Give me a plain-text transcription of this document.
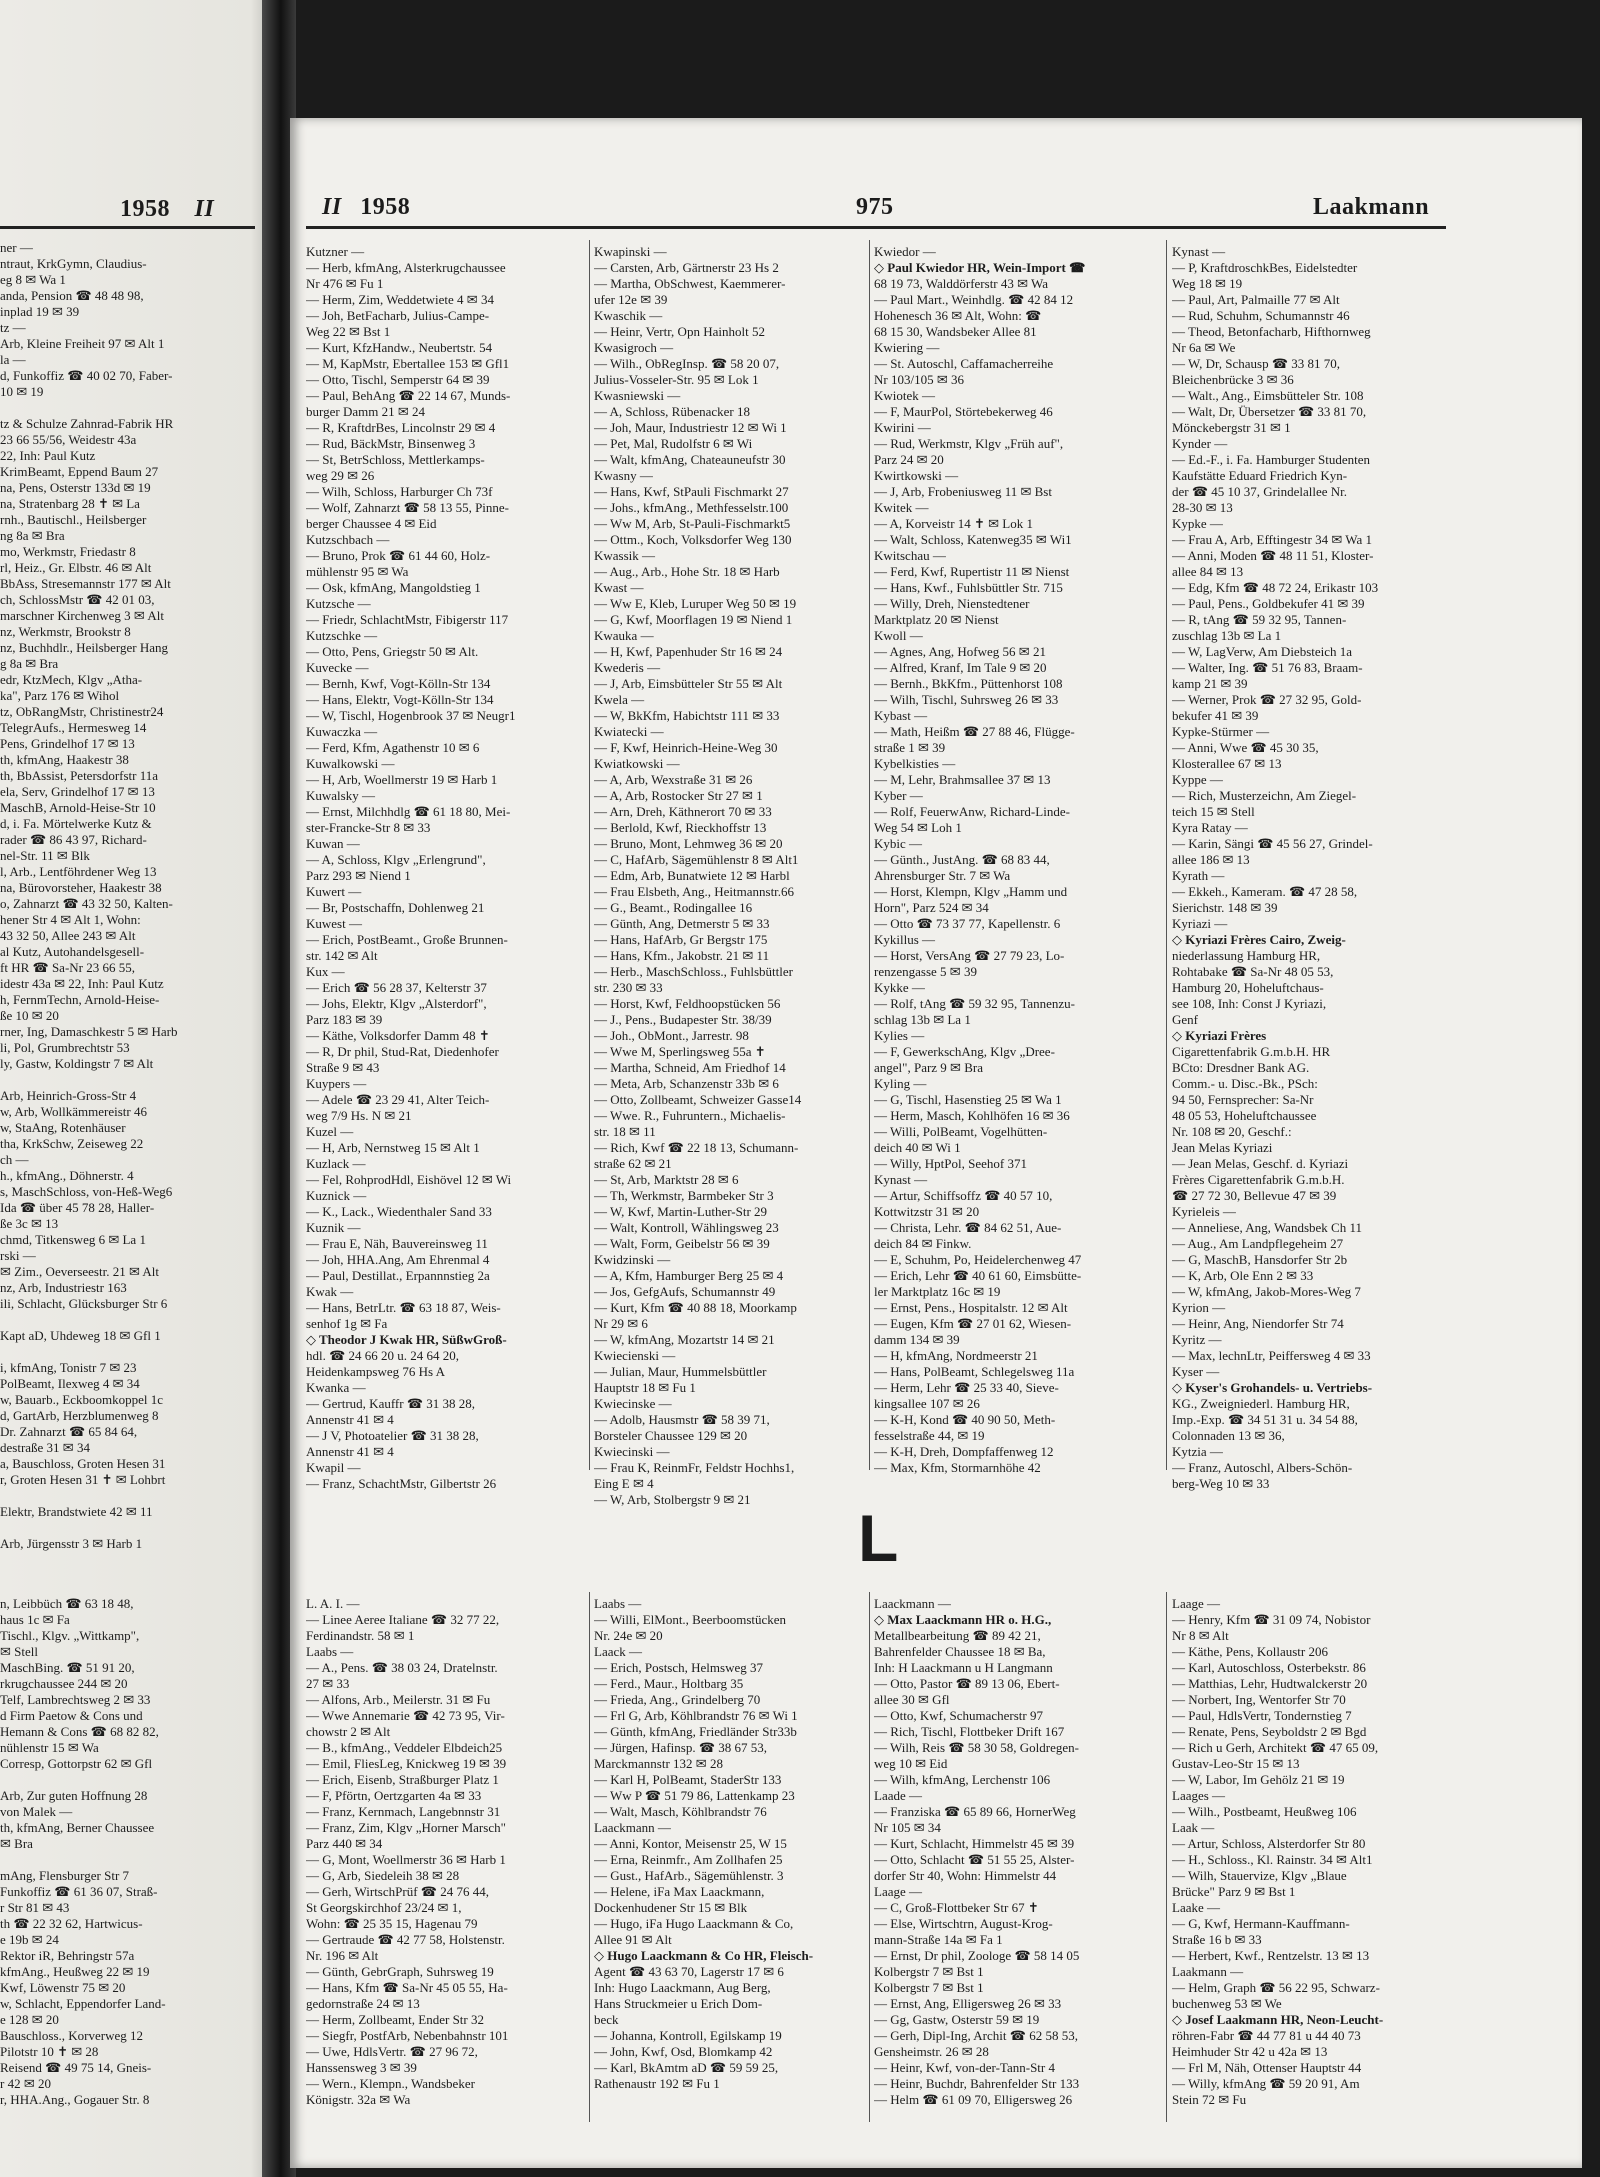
1958 II
ner —
ntraut, KrkGymn, Claudius-
eg 8 ✉ Wa 1
anda, Pension ☎ 48 48 98,
inplad 19 ✉ 39
tz —
Arb, Kleine Freiheit 97 ✉ Alt 1
la —
d, Funkoffiz ☎ 40 02 70, Faber-
10 ✉ 19
tz & Schulze Zahnrad-Fabrik HR
23 66 55/56, Weidestr 43a
22, Inh: Paul Kutz
KrimBeamt, Eppend Baum 27
na, Pens, Osterstr 133d ✉ 19
na, Stratenbarg 28 ✝ ✉ La
rnh., Bautischl., Heilsberger
ng 8a ✉ Bra
mo, Werkmstr, Friedastr 8
rl, Heiz., Gr. Elbstr. 46 ✉ Alt
BbAss, Stresemannstr 177 ✉ Alt
ch, SchlossMstr ☎ 42 01 03,
marschner Kirchenweg 3 ✉ Alt
nz, Werkmstr, Brookstr 8
nz, Buchhdlr., Heilsberger Hang
g 8a ✉ Bra
edr, KtzMech, Klgv „Atha-
ka", Parz 176 ✉ Wihol
tz, ObRangMstr, Christinestr24
TelegrAufs., Hermesweg 14
Pens, Grindelhof 17 ✉ 13
th, kfmAng, Haakestr 38
th, BbAssist, Petersdorfstr 11a
ela, Serv, Grindelhof 17 ✉ 13
MaschB, Arnold-Heise-Str 10
d, i. Fa. Mörtelwerke Kutz &
rader ☎ 86 43 97, Richard-
nel-Str. 11 ✉ Blk
l, Arb., Lentföhrdener Weg 13
na, Bürovorsteher, Haakestr 38
o, Zahnarzt ☎ 43 32 50, Kalten-
hener Str 4 ✉ Alt 1, Wohn:
43 32 50, Allee 243 ✉ Alt
al Kutz, Autohandelsgesell-
ft HR ☎ Sa-Nr 23 66 55,
idestr 43a ✉ 22, Inh: Paul Kutz
h, FernmTechn, Arnold-Heise-
ße 10 ✉ 20
rner, Ing, Damaschkestr 5 ✉ Harb
li, Pol, Grumbrechtstr 53
ly, Gastw, Koldingstr 7 ✉ Alt
Arb, Heinrich-Gross-Str 4
w, Arb, Wollkämmereistr 46
w, StaAng, Rotenhäuser
tha, KrkSchw, Zeiseweg 22
ch —
h., kfmAng., Döhnerstr. 4
s, MaschSchloss, von-Heß-Weg6
Ida ☎ über 45 78 28, Haller-
ße 3c ✉ 13
chmd, Titkensweg 6 ✉ La 1
rski —
✉ Zim., Oeverseestr. 21 ✉ Alt
nz, Arb, Industriestr 163
ili, Schlacht, Glücksburger Str 6
Kapt aD, Uhdeweg 18 ✉ Gfl 1
i, kfmAng, Tonistr 7 ✉ 23
PolBeamt, Ilexweg 4 ✉ 34
w, Bauarb., Eckboomkoppel 1c
d, GartArb, Herzblumenweg 8
Dr. Zahnarzt ☎ 65 84 64,
destraße 31 ✉ 34
a, Bauschloss, Groten Hesen 31
r, Groten Hesen 31 ✝ ✉ Lohbrt
Elektr, Brandstwiete 42 ✉ 11
Arb, Jürgensstr 3 ✉ Harb 1
n, Leibbüch ☎ 63 18 48,
haus 1c ✉ Fa
Tischl., Klgv. „Wittkamp",
✉ Stell
MaschBing. ☎ 51 91 20,
rkrugchaussee 244 ✉ 20
Telf, Lambrechtsweg 2 ✉ 33
d Firm Paetow & Cons und
Hemann & Cons ☎ 68 82 82,
nühlenstr 15 ✉ Wa
Corresp, Gottorpstr 62 ✉ Gfl
Arb, Zur guten Hoffnung 28
von Malek —
th, kfmAng, Berner Chaussee
✉ Bra
mAng, Flensburger Str 7
Funkoffiz ☎ 61 36 07, Straß-
r Str 81 ✉ 43
th ☎ 22 32 62, Hartwicus-
e 19b ✉ 24
Rektor iR, Behringstr 57a
kfmAng., Heußweg 22 ✉ 19
Kwf, Löwenstr 75 ✉ 20
w, Schlacht, Eppendorfer Land-
e 128 ✉ 20
Bauschloss., Korverweg 12
Pilotstr 10 ✝ ✉ 28
Reisend ☎ 49 75 14, Gneis-
r 42 ✉ 20
r, HHA.Ang., Gogauer Str. 8
II 1958	975	Laakmann
Kutzner —
— Herb, kfmAng, Alsterkrugchaussee
Nr 476 ✉ Fu 1
— Herm, Zim, Weddetwiete 4 ✉ 34
— Joh, BetFacharb, Julius-Campe-
Weg 22 ✉ Bst 1
— Kurt, KfzHandw., Neubertstr. 54
— M, KapMstr, Ebertallee 153 ✉ Gfl1
— Otto, Tischl, Semperstr 64 ✉ 39
— Paul, BehAng ☎ 22 14 67, Munds-
burger Damm 21 ✉ 24
— R, KraftdrBes, Lincolnstr 29 ✉ 4
— Rud, BäckMstr, Binsenweg 3
— St, BetrSchloss, Mettlerkamps-
weg 29 ✉ 26
— Wilh, Schloss, Harburger Ch 73f
— Wolf, Zahnarzt ☎ 58 13 55, Pinne-
berger Chaussee 4 ✉ Eid
Kutzschbach —
— Bruno, Prok ☎ 61 44 60, Holz-
mühlenstr 95 ✉ Wa
— Osk, kfmAng, Mangoldstieg 1
Kutzsche —
— Friedr, SchlachtMstr, Fibigerstr 117
Kutzschke —
— Otto, Pens, Griegstr 50 ✉ Alt.
Kuvecke —
— Bernh, Kwf, Vogt-Kölln-Str 134
— Hans, Elektr, Vogt-Kölln-Str 134
— W, Tischl, Hogenbrook 37 ✉ Neugr1
Kuwaczka —
— Ferd, Kfm, Agathenstr 10 ✉ 6
Kuwalkowski —
— H, Arb, Woellmerstr 19 ✉ Harb 1
Kuwalsky —
— Ernst, Milchhdlg ☎ 61 18 80, Mei-
ster-Francke-Str 8 ✉ 33
Kuwan —
— A, Schloss, Klgv „Erlengrund",
Parz 293 ✉ Niend 1
Kuwert —
— Br, Postschaffn, Dohlenweg 21
Kuwest —
— Erich, PostBeamt., Große Brunnen-
str. 142 ✉ Alt
Kux —
— Erich ☎ 56 28 37, Kelterstr 37
— Johs, Elektr, Klgv „Alsterdorf",
Parz 183 ✉ 39
— Käthe, Volksdorfer Damm 48 ✝
— R, Dr phil, Stud-Rat, Diedenhofer
Straße 9 ✉ 43
Kuypers —
— Adele ☎ 23 29 41, Alter Teich-
weg 7/9 Hs. N ✉ 21
Kuzel —
— H, Arb, Nernstweg 15 ✉ Alt 1
Kuzlack —
— Fel, RohprodHdl, Eishövel 12 ✉ Wi
Kuznick —
— K., Lack., Wiedenthaler Sand 33
Kuznik —
— Frau E, Näh, Bauvereinsweg 11
— Joh, HHA.Ang, Am Ehrenmal 4
— Paul, Destillat., Erpannnstieg 2a
Kwak —
— Hans, BetrLtr. ☎ 63 18 87, Weis-
senhof 1g ✉ Fa
◇ Theodor J Kwak HR, SüßwGroß-
hdl. ☎ 24 66 20 u. 24 64 20,
Heidenkampsweg 76 Hs A
Kwanka —
— Gertrud, Kauffr ☎ 31 38 28,
Annenstr 41 ✉ 4
— J V, Photoatelier ☎ 31 38 28,
Annenstr 41 ✉ 4
Kwapil —
— Franz, SchachtMstr, Gilbertstr 26
Kwapinski —
— Carsten, Arb, Gärtnerstr 23 Hs 2
— Martha, ObSchwest, Kaemmerer-
ufer 12e ✉ 39
Kwaschik —
— Heinr, Vertr, Opn Hainholt 52
Kwasigroch —
— Wilh., ObRegInsp. ☎ 58 20 07,
Julius-Vosseler-Str. 95 ✉ Lok 1
Kwasniewski —
— A, Schloss, Rübenacker 18
— Joh, Maur, Industriestr 12 ✉ Wi 1
— Pet, Mal, Rudolfstr 6 ✉ Wi
— Walt, kfmAng, Chateauneufstr 30
Kwasny —
— Hans, Kwf, StPauli Fischmarkt 27
— Johs., kfmAng., Methfesselstr.100
— Ww M, Arb, St-Pauli-Fischmarkt5
— Ottm., Koch, Volksdorfer Weg 130
Kwassik —
— Aug., Arb., Hohe Str. 18 ✉ Harb
Kwast —
— Ww E, Kleb, Luruper Weg 50 ✉ 19
— G, Kwf, Moorflagen 19 ✉ Niend 1
Kwauka —
— H, Kwf, Papenhuder Str 16 ✉ 24
Kwederis —
— J, Arb, Eimsbütteler Str 55 ✉ Alt
Kwela —
— W, BkKfm, Habichtstr 111 ✉ 33
Kwiatecki —
— F, Kwf, Heinrich-Heine-Weg 30
Kwiatkowski —
— A, Arb, Wexstraße 31 ✉ 26
— A, Arb, Rostocker Str 27 ✉ 1
— Arn, Dreh, Käthnerort 70 ✉ 33
— Berlold, Kwf, Rieckhoffstr 13
— Bruno, Mont, Lehmweg 36 ✉ 20
— C, HafArb, Sägemühlenstr 8 ✉ Alt1
— Edm, Arb, Bunatwiete 12 ✉ Harbl
— Frau Elsbeth, Ang., Heitmannstr.66
— G., Beamt., Rodingallee 16
— Günth, Ang, Detmerstr 5 ✉ 33
— Hans, HafArb, Gr Bergstr 175
— Hans, Kfm., Jakobstr. 21 ✉ 11
— Herb., MaschSchloss., Fuhlsbüttler
str. 230 ✉ 33
— Horst, Kwf, Feldhoopstücken 56
— J., Pens., Budapester Str. 38/39
— Joh., ObMont., Jarrestr. 98
— Wwe M, Sperlingsweg 55a ✝
— Martha, Schneid, Am Friedhof 14
— Meta, Arb, Schanzenstr 33b ✉ 6
— Otto, Zollbeamt, Schweizer Gasse14
— Wwe. R., Fuhruntern., Michaelis-
str. 18 ✉ 11
— Rich, Kwf ☎ 22 18 13, Schumann-
straße 62 ✉ 21
— St, Arb, Marktstr 28 ✉ 6
— Th, Werkmstr, Barmbeker Str 3
— W, Kwf, Martin-Luther-Str 29
— Walt, Kontroll, Wählingsweg 23
— Walt, Form, Geibelstr 56 ✉ 39
Kwidzinski —
— A, Kfm, Hamburger Berg 25 ✉ 4
— Jos, GefgAufs, Schumannstr 49
— Kurt, Kfm ☎ 40 88 18, Moorkamp
Nr 29 ✉ 6
— W, kfmAng, Mozartstr 14 ✉ 21
Kwiecienski —
— Julian, Maur, Hummelsbüttler
Hauptstr 18 ✉ Fu 1
Kwiecinske —
— Adolb, Hausmstr ☎ 58 39 71,
Borsteler Chaussee 129 ✉ 20
Kwiecinski —
— Frau K, ReinmFr, Feldstr Hochhs1,
Eing E ✉ 4
— W, Arb, Stolbergstr 9 ✉ 21
Kwiedor —
◇ Paul Kwiedor HR, Wein-Import ☎
68 19 73, Walddörferstr 43 ✉ Wa
— Paul Mart., Weinhdlg. ☎ 42 84 12
Hohenesch 36 ✉ Alt, Wohn: ☎
68 15 30, Wandsbeker Allee 81
Kwiering —
— St. Autoschl, Caffamacherreihe
Nr 103/105 ✉ 36
Kwiotek —
— F, MaurPol, Störtebekerweg 46
Kwirini —
— Rud, Werkmstr, Klgv „Früh auf",
Parz 24 ✉ 20
Kwirtkowski —
— J, Arb, Frobeniusweg 11 ✉ Bst
Kwitek —
— A, Korveistr 14 ✝ ✉ Lok 1
— Walt, Schloss, Katenweg35 ✉ Wi1
Kwitschau —
— Ferd, Kwf, Rupertistr 11 ✉ Nienst
— Hans, Kwf., Fuhlsbüttler Str. 715
— Willy, Dreh, Nienstedtener
Marktplatz 20 ✉ Nienst
Kwoll —
— Agnes, Ang, Hofweg 56 ✉ 21
— Alfred, Kranf, Im Tale 9 ✉ 20
— Bernh., BkKfm., Püttenhorst 108
— Wilh, Tischl, Suhrsweg 26 ✉ 33
Kybast —
— Math, Heißm ☎ 27 88 46, Flügge-
straße 1 ✉ 39
Kybelkisties —
— M, Lehr, Brahmsallee 37 ✉ 13
Kyber —
— Rolf, FeuerwAnw, Richard-Linde-
Weg 54 ✉ Loh 1
Kybic —
— Günth., JustAng. ☎ 68 83 44,
Ahrensburger Str. 7 ✉ Wa
— Horst, Klempn, Klgv „Hamm und
Horn", Parz 524 ✉ 34
— Otto ☎ 73 37 77, Kapellenstr. 6
Kykillus —
— Horst, VersAng ☎ 27 79 23, Lo-
renzengasse 5 ✉ 39
Kykke —
— Rolf, tAng ☎ 59 32 95, Tannenzu-
schlag 13b ✉ La 1
Kylies —
— F, GewerkschAng, Klgv „Dree-
angel", Parz 9 ✉ Bra
Kyling —
— G, Tischl, Hasenstieg 25 ✉ Wa 1
— Herm, Masch, Kohlhöfen 16 ✉ 36
— Willi, PolBeamt, Vogelhütten-
deich 40 ✉ Wi 1
— Willy, HptPol, Seehof 371
Kynast —
— Artur, Schiffsoffz ☎ 40 57 10,
Kottwitzstr 31 ✉ 20
— Christa, Lehr. ☎ 84 62 51, Aue-
deich 84 ✉ Finkw.
— E, Schuhm, Po, Heidelerchenweg 47
— Erich, Lehr ☎ 40 61 60, Eimsbütte-
ler Marktplatz 16c ✉ 19
— Ernst, Pens., Hospitalstr. 12 ✉ Alt
— Eugen, Kfm ☎ 27 01 62, Wiesen-
damm 134 ✉ 39
— H, kfmAng, Nordmeerstr 21
— Hans, PolBeamt, Schlegelsweg 11a
— Herm, Lehr ☎ 25 33 40, Sieve-
kingsallee 107 ✉ 26
— K-H, Kond ☎ 40 90 50, Meth-
fesselstraße 44, ✉ 19
— K-H, Dreh, Dompfaffenweg 12
— Max, Kfm, Stormarnhöhe 42
Kynast —
— P, KraftdroschkBes, Eidelstedter
Weg 18 ✉ 19
— Paul, Art, Palmaille 77 ✉ Alt
— Rud, Schuhm, Schumannstr 46
— Theod, Betonfacharb, Hifthornweg
Nr 6a ✉ We
— W, Dr, Schausp ☎ 33 81 70,
Bleichenbrücke 3 ✉ 36
— Walt., Ang., Eimsbütteler Str. 108
— Walt, Dr, Übersetzer ☎ 33 81 70,
Mönckebergstr 31 ✉ 1
Kynder —
— Ed.-F., i. Fa. Hamburger Studenten
Kaufstätte Eduard Friedrich Kyn-
der ☎ 45 10 37, Grindelallee Nr.
28-30 ✉ 13
Kypke —
— Frau A, Arb, Efftingestr 34 ✉ Wa 1
— Anni, Moden ☎ 48 11 51, Kloster-
allee 84 ✉ 13
— Edg, Kfm ☎ 48 72 24, Erikastr 103
— Paul, Pens., Goldbekufer 41 ✉ 39
— R, tAng ☎ 59 32 95, Tannen-
zuschlag 13b ✉ La 1
— W, LagVerw, Am Diebsteich 1a
— Walter, Ing. ☎ 51 76 83, Braam-
kamp 21 ✉ 39
— Werner, Prok ☎ 27 32 95, Gold-
bekufer 41 ✉ 39
Kypke-Stürmer —
— Anni, Wwe ☎ 45 30 35,
Klosterallee 67 ✉ 13
Kyppe —
— Rich, Musterzeichn, Am Ziegel-
teich 15 ✉ Stell
Kyra Ratay —
— Karin, Sängi ☎ 45 56 27, Grindel-
allee 186 ✉ 13
Kyrath —
— Ekkeh., Kameram. ☎ 47 28 58,
Sierichstr. 148 ✉ 39
Kyriazi —
◇ Kyriazi Frères Cairo, Zweig-
niederlassung Hamburg HR,
Rohtabake ☎ Sa-Nr 48 05 53,
Hamburg 20, Hoheluftchaus-
see 108, Inh: Const J Kyriazi,
Genf
◇ Kyriazi Frères
Cigarettenfabrik G.m.b.H. HR
BCto: Dresdner Bank AG.
Comm.- u. Disc.-Bk., PSch:
94 50, Fernsprecher: Sa-Nr
48 05 53, Hoheluftchaussee
Nr. 108 ✉ 20, Geschf.:
Jean Melas Kyriazi
— Jean Melas, Geschf. d. Kyriazi
Frères Cigarettenfabrik G.m.b.H.
☎ 27 72 30, Bellevue 47 ✉ 39
Kyrieleis —
— Anneliese, Ang, Wandsbek Ch 11
— Aug., Am Landpflegeheim 27
— G, MaschB, Hansdorfer Str 2b
— K, Arb, Ole Enn 2 ✉ 33
— W, kfmAng, Jakob-Mores-Weg 7
Kyrion —
— Heinr, Ang, Niendorfer Str 74
Kyritz —
— Max, lechnLtr, Peiffersweg 4 ✉ 33
Kyser —
◇ Kyser's Grohandels- u. Vertriebs-
KG., Zweigniederl. Hamburg HR,
Imp.-Exp. ☎ 34 51 31 u. 34 54 88,
Colonnaden 13 ✉ 36,
Kytzia —
— Franz, Autoschl, Albers-Schön-
berg-Weg 10 ✉ 33
L
L. A. I. —
— Linee Aeree Italiane ☎ 32 77 22,
Ferdinandstr. 58 ✉ 1
Laabs —
— A., Pens. ☎ 38 03 24, Dratelnstr.
27 ✉ 33
— Alfons, Arb., Meilerstr. 31 ✉ Fu
— Wwe Annemarie ☎ 42 73 95, Vir-
chowstr 2 ✉ Alt
— B., kfmAng., Veddeler Elbdeich25
— Emil, FliesLeg, Knickweg 19 ✉ 39
— Erich, Eisenb, Straßburger Platz 1
— F, Pförtn, Oertzgarten 4a ✉ 33
— Franz, Kernmach, Langebnnstr 31
— Franz, Zim, Klgv „Horner Marsch"
Parz 440 ✉ 34
— G, Mont, Woellmerstr 36 ✉ Harb 1
— G, Arb, Siedeleih 38 ✉ 28
— Gerh, WirtschPrüf ☎ 24 76 44,
St Georgskirchhof 23/24 ✉ 1,
Wohn: ☎ 25 35 15, Hagenau 79
— Gertraude ☎ 42 77 58, Holstenstr.
Nr. 196 ✉ Alt
— Günth, GebrGraph, Suhrsweg 19
— Hans, Kfm ☎ Sa-Nr 45 05 55, Ha-
gedornstraße 24 ✉ 13
— Herm, Zollbeamt, Ender Str 32
— Siegfr, PostfArb, Nebenbahnstr 101
— Uwe, HdlsVertr. ☎ 27 96 72,
Hanssensweg 3 ✉ 39
— Wern., Klempn., Wandsbeker
Königstr. 32a ✉ Wa
Laabs —
— Willi, ElMont., Beerboomstücken
Nr. 24e ✉ 20
Laack —
— Erich, Postsch, Helmsweg 37
— Ferd., Maur., Holtbarg 35
— Frieda, Ang., Grindelberg 70
— Frl G, Arb, Köhlbrandstr 76 ✉ Wi 1
— Günth, kfmAng, Friedländer Str33b
— Jürgen, Hafinsp. ☎ 38 67 53,
Marckmannstr 132 ✉ 28
— Karl H, PolBeamt, StaderStr 133
— Ww P ☎ 51 79 86, Lattenkamp 23
— Walt, Masch, Köhlbrandstr 76
Laackmann —
— Anni, Kontor, Meisenstr 25, W 15
— Erna, Reinmfr., Am Zollhafen 25
— Gust., HafArb., Sägemühlenstr. 3
— Helene, iFa Max Laackmann,
Dockenhudener Str 15 ✉ Blk
— Hugo, iFa Hugo Laackmann & Co,
Allee 91 ✉ Alt
◇ Hugo Laackmann & Co HR, Fleisch-
Agent ☎ 43 63 70, Lagerstr 17 ✉ 6
Inh: Hugo Laackmann, Aug Berg,
Hans Struckmeier u Erich Dom-
beck
— Johanna, Kontroll, Egilskamp 19
— John, Kwf, Osd, Blomkamp 42
— Karl, BkAmtm aD ☎ 59 59 25,
Rathenaustr 192 ✉ Fu 1
Laackmann —
◇ Max Laackmann HR o. H.G.,
Metallbearbeitung ☎ 89 42 21,
Bahrenfelder Chaussee 18 ✉ Ba,
Inh: H Laackmann u H Langmann
— Otto, Pastor ☎ 89 13 06, Ebert-
allee 30 ✉ Gfl
— Otto, Kwf, Schumacherstr 97
— Rich, Tischl, Flottbeker Drift 167
— Wilh, Reis ☎ 58 30 58, Goldregen-
weg 10 ✉ Eid
— Wilh, kfmAng, Lerchenstr 106
Laade —
— Franziska ☎ 65 89 66, HornerWeg
Nr 105 ✉ 34
— Kurt, Schlacht, Himmelstr 45 ✉ 39
— Otto, Schlacht ☎ 51 55 25, Alster-
dorfer Str 40, Wohn: Himmelstr 44
Laage —
— C, Groß-Flottbeker Str 67 ✝
— Else, Wirtschtrn, August-Krog-
mann-Straße 14a ✉ Fa 1
— Ernst, Dr phil, Zoologe ☎ 58 14 05
Kolbergstr 7 ✉ Bst 1
Kolbergstr 7 ✉ Bst 1
— Ernst, Ang, Elligersweg 26 ✉ 33
— Gg, Gastw, Osterstr 59 ✉ 19
— Gerh, Dipl-Ing, Archit ☎ 62 58 53,
Gensheimstr. 26 ✉ 28
— Heinr, Kwf, von-der-Tann-Str 4
— Heinr, Buchdr, Bahrenfelder Str 133
— Helm ☎ 61 09 70, Elligersweg 26
Laage —
— Henry, Kfm ☎ 31 09 74, Nobistor
Nr 8 ✉ Alt
— Käthe, Pens, Kollaustr 206
— Karl, Autoschloss, Osterbekstr. 86
— Matthias, Lehr, Hudtwalckerstr 20
— Norbert, Ing, Wentorfer Str 70
— Paul, HdlsVertr, Tondernstieg 7
— Renate, Pens, Seyboldstr 2 ✉ Bgd
— Rich u Gerh, Architekt ☎ 47 65 09,
Gustav-Leo-Str 15 ✉ 13
— W, Labor, Im Gehölz 21 ✉ 19
Laages —
— Wilh., Postbeamt, Heußweg 106
Laak —
— Artur, Schloss, Alsterdorfer Str 80
— H., Schloss., Kl. Rainstr. 34 ✉ Alt1
— Wilh, Stauervize, Klgv „Blaue
Brücke" Parz 9 ✉ Bst 1
Laake —
— G, Kwf, Hermann-Kauffmann-
Straße 16 b ✉ 33
— Herbert, Kwf., Rentzelstr. 13 ✉ 13
Laakmann —
— Helm, Graph ☎ 56 22 95, Schwarz-
buchenweg 53 ✉ We
◇ Josef Laakmann HR, Neon-Leucht-
röhren-Fabr ☎ 44 77 81 u 44 40 73
Heimhuder Str 42 u 42a ✉ 13
— Frl M, Näh, Ottenser Hauptstr 44
— Willy, kfmAng ☎ 59 20 91, Am
Stein 72 ✉ Fu
